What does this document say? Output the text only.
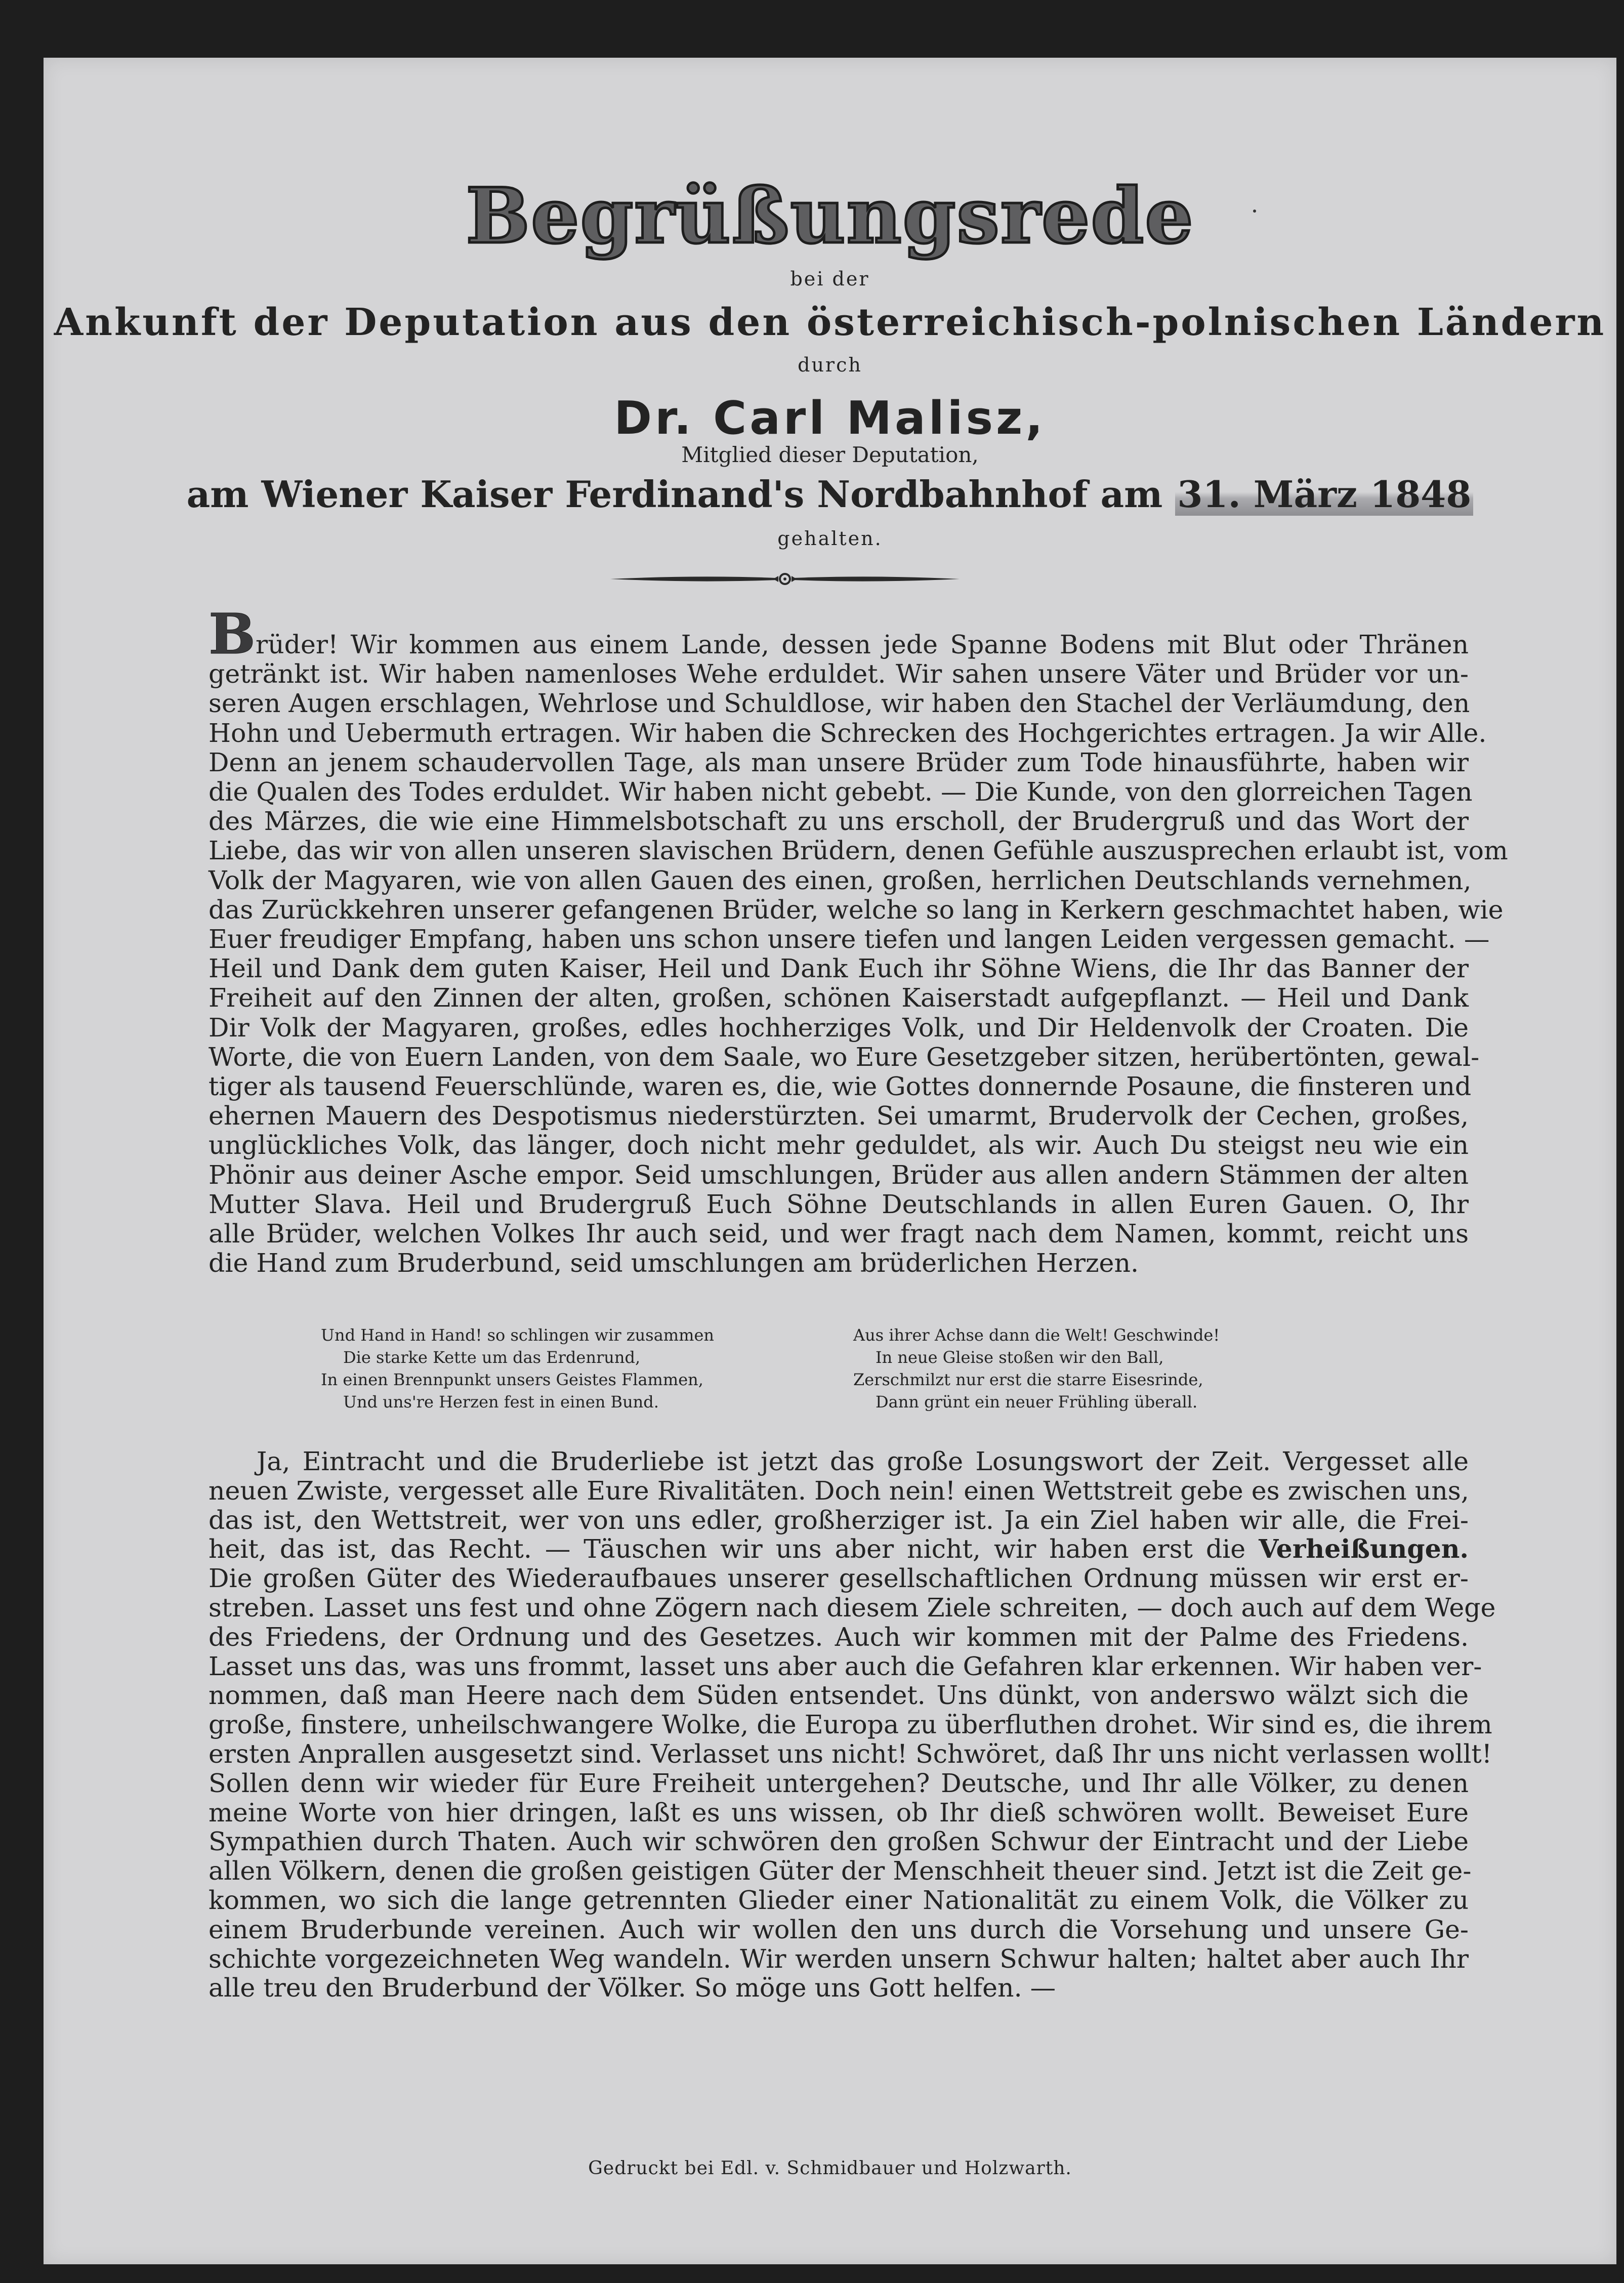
Begrüßungsrede
bei der
Ankunft der Deputation aus den österreichisch-polnischen Ländern
durch
Dr. Carl Malisz,
Mitglied dieser Deputation,
am Wiener Kaiser Ferdinand's Nordbahnhof am 31. März 1848
gehalten.
Brüder! Wir kommen aus einem Lande, dessen jede Spanne Bodens mit Blut oder Thränen
getränkt ist. Wir haben namenloses Wehe erduldet. Wir sahen unsere Väter und Brüder vor un-
seren Augen erschlagen, Wehrlose und Schuldlose, wir haben den Stachel der Verläumdung, den
Hohn und Uebermuth ertragen. Wir haben die Schrecken des Hochgerichtes ertragen. Ja wir Alle.
Denn an jenem schaudervollen Tage, als man unsere Brüder zum Tode hinausführte, haben wir
die Qualen des Todes erduldet. Wir haben nicht gebebt. — Die Kunde, von den glorreichen Tagen
des Märzes, die wie eine Himmelsbotschaft zu uns erscholl, der Brudergruß und das Wort der
Liebe, das wir von allen unseren slavischen Brüdern, denen Gefühle auszusprechen erlaubt ist, vom
Volk der Magyaren, wie von allen Gauen des einen, großen, herrlichen Deutschlands vernehmen,
das Zurückkehren unserer gefangenen Brüder, welche so lang in Kerkern geschmachtet haben, wie
Euer freudiger Empfang, haben uns schon unsere tiefen und langen Leiden vergessen gemacht. —
Heil und Dank dem guten Kaiser, Heil und Dank Euch ihr Söhne Wiens, die Ihr das Banner der
Freiheit auf den Zinnen der alten, großen, schönen Kaiserstadt aufgepflanzt. — Heil und Dank
Dir Volk der Magyaren, großes, edles hochherziges Volk, und Dir Heldenvolk der Croaten. Die
Worte, die von Euern Landen, von dem Saale, wo Eure Gesetzgeber sitzen, herübertönten, gewal-
tiger als tausend Feuerschlünde, waren es, die, wie Gottes donnernde Posaune, die finsteren und
ehernen Mauern des Despotismus niederstürzten. Sei umarmt, Brudervolk der Cechen, großes,
unglückliches Volk, das länger, doch nicht mehr geduldet, als wir. Auch Du steigst neu wie ein
Phönir aus deiner Asche empor. Seid umschlungen, Brüder aus allen andern Stämmen der alten
Mutter Slava. Heil und Brudergruß Euch Söhne Deutschlands in allen Euren Gauen. O, Ihr
alle Brüder, welchen Volkes Ihr auch seid, und wer fragt nach dem Namen, kommt, reicht uns
die Hand zum Bruderbund, seid umschlungen am brüderlichen Herzen.
Und Hand in Hand! so schlingen wir zusammen
Die starke Kette um das Erdenrund,
In einen Brennpunkt unsers Geistes Flammen,
Und uns're Herzen fest in einen Bund.
Aus ihrer Achse dann die Welt! Geschwinde!
In neue Gleise stoßen wir den Ball,
Zerschmilzt nur erst die starre Eisesrinde,
Dann grünt ein neuer Frühling überall.
Ja, Eintracht und die Bruderliebe ist jetzt das große Losungswort der Zeit. Vergesset alle
neuen Zwiste, vergesset alle Eure Rivalitäten. Doch nein! einen Wettstreit gebe es zwischen uns,
das ist, den Wettstreit, wer von uns edler, großherziger ist. Ja ein Ziel haben wir alle, die Frei-
heit, das ist, das Recht. — Täuschen wir uns aber nicht, wir haben erst die Verheißungen.
Die großen Güter des Wiederaufbaues unserer gesellschaftlichen Ordnung müssen wir erst er-
streben. Lasset uns fest und ohne Zögern nach diesem Ziele schreiten, — doch auch auf dem Wege
des Friedens, der Ordnung und des Gesetzes. Auch wir kommen mit der Palme des Friedens.
Lasset uns das, was uns frommt, lasset uns aber auch die Gefahren klar erkennen. Wir haben ver-
nommen, daß man Heere nach dem Süden entsendet. Uns dünkt, von anderswo wälzt sich die
große, finstere, unheilschwangere Wolke, die Europa zu überfluthen drohet. Wir sind es, die ihrem
ersten Anprallen ausgesetzt sind. Verlasset uns nicht! Schwöret, daß Ihr uns nicht verlassen wollt!
Sollen denn wir wieder für Eure Freiheit untergehen? Deutsche, und Ihr alle Völker, zu denen
meine Worte von hier dringen, laßt es uns wissen, ob Ihr dieß schwören wollt. Beweiset Eure
Sympathien durch Thaten. Auch wir schwören den großen Schwur der Eintracht und der Liebe
allen Völkern, denen die großen geistigen Güter der Menschheit theuer sind. Jetzt ist die Zeit ge-
kommen, wo sich die lange getrennten Glieder einer Nationalität zu einem Volk, die Völker zu
einem Bruderbunde vereinen. Auch wir wollen den uns durch die Vorsehung und unsere Ge-
schichte vorgezeichneten Weg wandeln. Wir werden unsern Schwur halten; haltet aber auch Ihr
alle treu den Bruderbund der Völker. So möge uns Gott helfen. —
Gedruckt bei Edl. v. Schmidbauer und Holzwarth.
